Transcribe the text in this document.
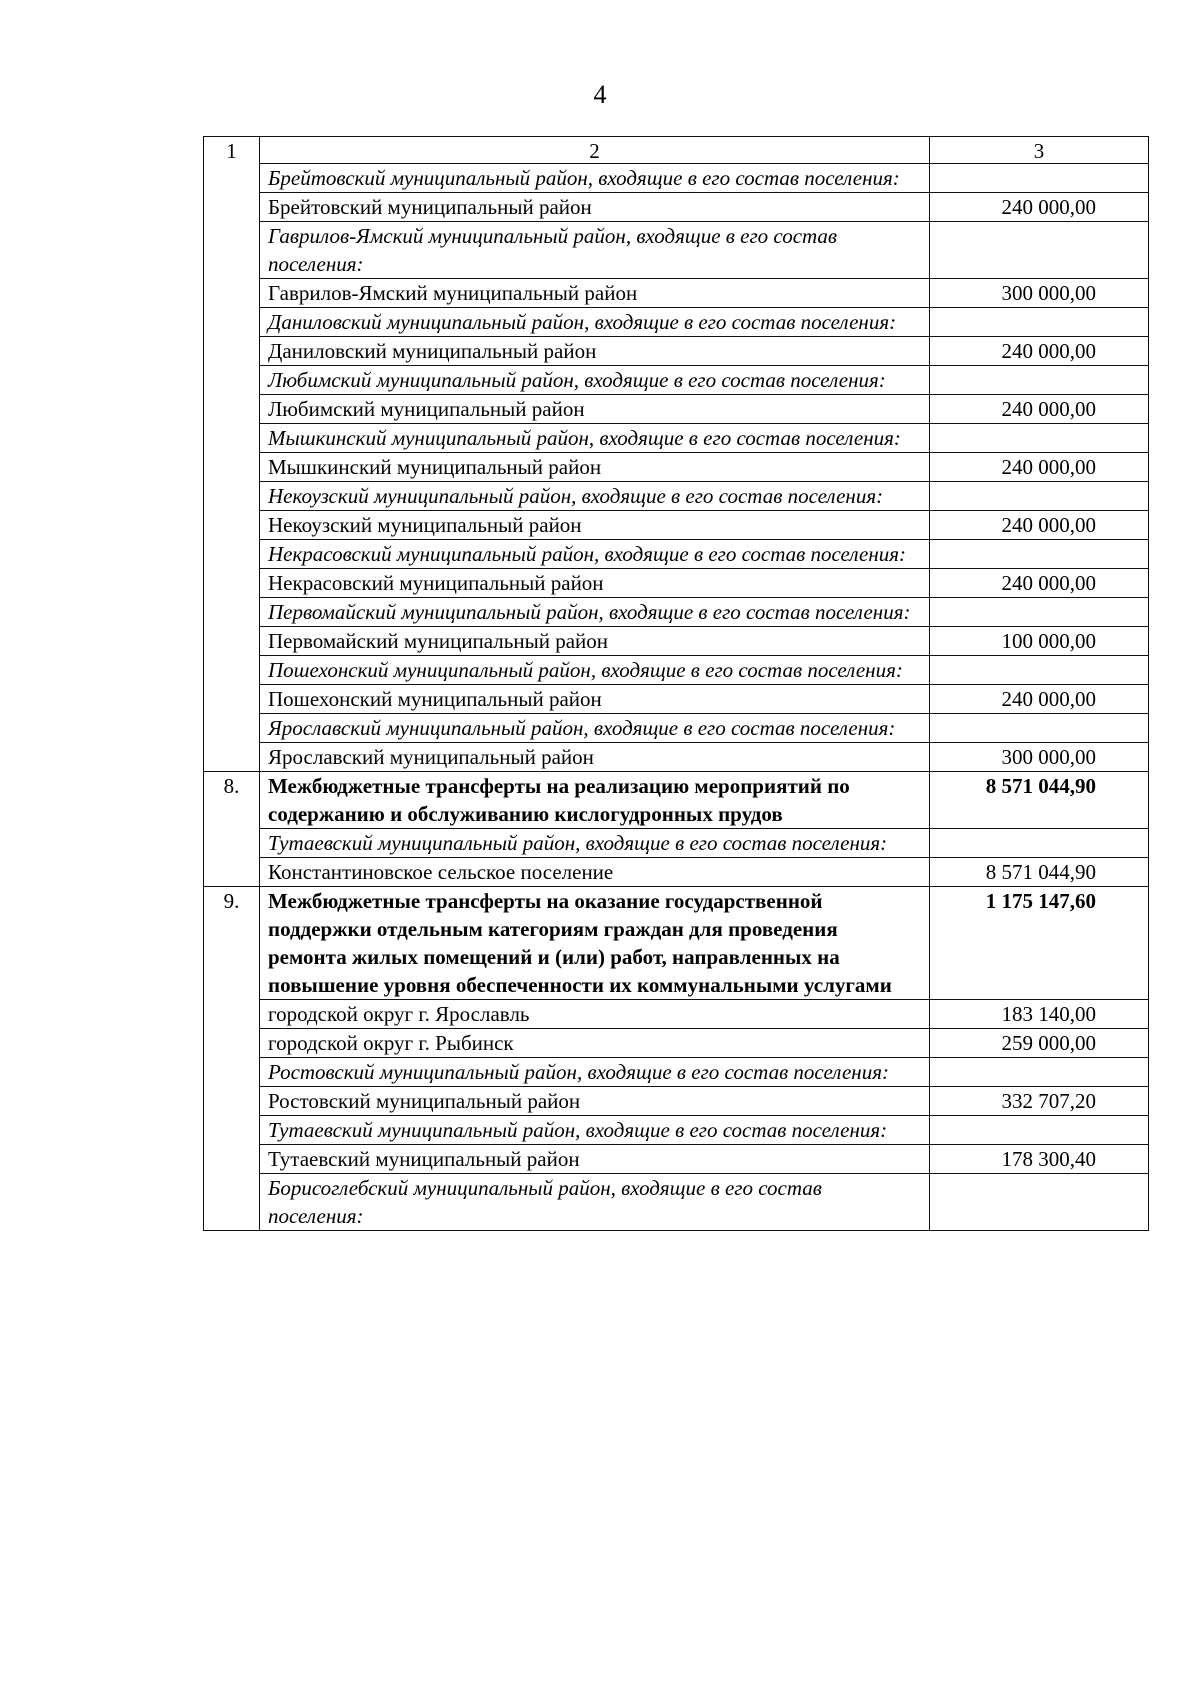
4
1	2	3
	Брейтовский муниципальный район, входящие в его состав поселения:	
	Брейтовский муниципальный район	240 000,00
	Гаврилов-Ямский муниципальный район, входящие в его состав поселения:	
	Гаврилов-Ямский муниципальный район	300 000,00
	Даниловский муниципальный район, входящие в его состав поселения:	
	Даниловский муниципальный район	240 000,00
	Любимский муниципальный район, входящие в его состав поселения:	
	Любимский муниципальный район	240 000,00
	Мышкинский муниципальный район, входящие в его состав поселения:	
	Мышкинский муниципальный район	240 000,00
	Некоузский муниципальный район, входящие в его состав поселения:	
	Некоузский муниципальный район	240 000,00
	Некрасовский муниципальный район, входящие в его состав поселения:	
	Некрасовский муниципальный район	240 000,00
	Первомайский муниципальный район, входящие в его состав поселения:	
	Первомайский муниципальный район	100 000,00
	Пошехонский муниципальный район, входящие в его состав поселения:	
	Пошехонский муниципальный район	240 000,00
	Ярославский муниципальный район, входящие в его состав поселения:	
	Ярославский муниципальный район	300 000,00
8.	Межбюджетные трансферты на реализацию мероприятий по содержанию и обслуживанию кислогудронных прудов	8 571 044,90
	Тутаевский муниципальный район, входящие в его состав поселения:	
	Константиновское сельское поселение	8 571 044,90
9.	Межбюджетные трансферты на оказание государственной поддержки отдельным категориям граждан для проведения ремонта жилых помещений и (или) работ, направленных на повышение уровня обеспеченности их коммунальными услугами	1 175 147,60
	городской округ г. Ярославль	183 140,00
	городской округ г. Рыбинск	259 000,00
	Ростовский муниципальный район, входящие в его состав поселения:	
	Ростовский муниципальный район	332 707,20
	Тутаевский муниципальный район, входящие в его состав поселения:	
	Тутаевский муниципальный район	178 300,40
	Борисоглебский муниципальный район, входящие в его состав поселения:	
